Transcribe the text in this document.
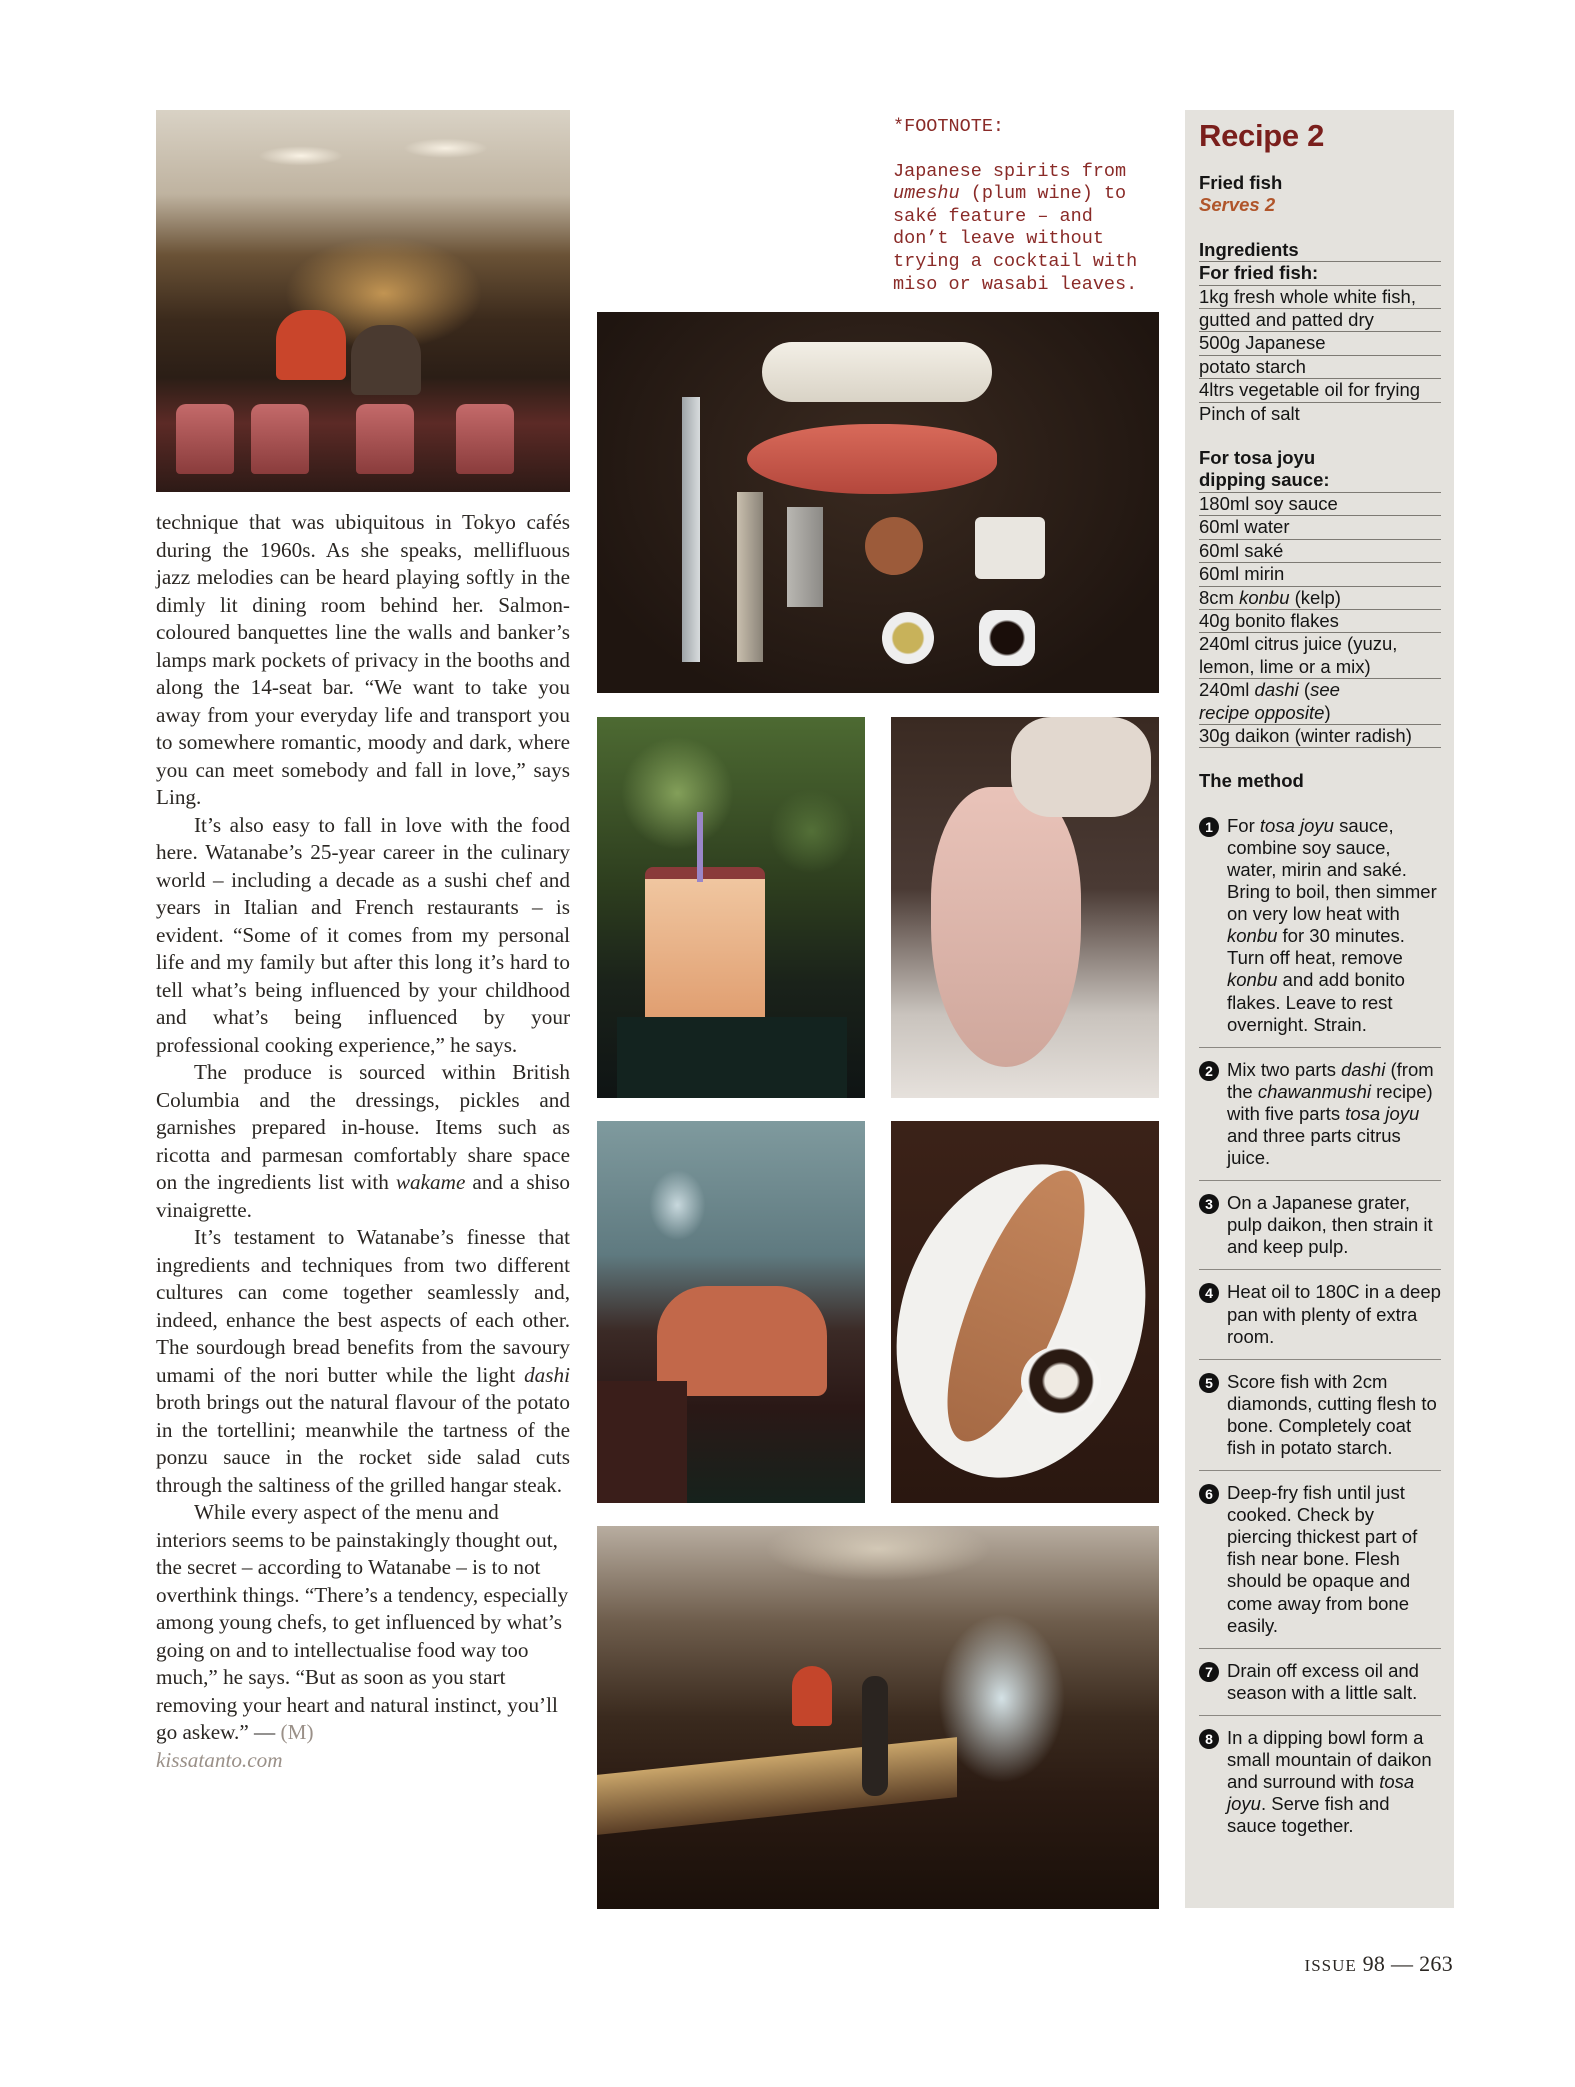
*FOOTNOTE:

Japanese spirits from
umeshu (plum wine) to
saké feature – and
don’t leave without
trying a cocktail with
miso or wasabi leaves.

technique that was ubiquitous in Tokyo cafés during the 1960s. As she speaks, mellifluous jazz melodies can be heard playing softly in the dimly lit dining room behind her. Salmon-coloured banquettes line the walls and banker’s lamps mark pockets of privacy in the booths and along the 14-seat bar. “We want to take you away from your everyday life and transport you to somewhere romantic, moody and dark, where you can meet somebody and fall in love,” says Ling.

It’s also easy to fall in love with the food here. Watanabe’s 25-year career in the culinary world – including a decade as a sushi chef and years in Italian and French restaurants – is evident. “Some of it comes from my personal life and my family but after this long it’s hard to tell what’s being influenced by your childhood and what’s being influenced by your professional cooking experience,” he says.

The produce is sourced within British Columbia and the dressings, pickles and garnishes prepared in-house. Items such as ricotta and parmesan comfortably share space on the ingredients list with wakame and a shiso vinaigrette.

It’s testament to Watanabe’s finesse that ingredients and techniques from two different cultures can come together seamlessly and, indeed, enhance the best aspects of each other. The sourdough bread benefits from the savoury umami of the nori butter while the light dashi broth brings out the natural flavour of the potato in the tortellini; meanwhile the tartness of the ponzu sauce in the rocket side salad cuts through the saltiness of the grilled hangar steak.

While every aspect of the menu and interiors seems to be painstakingly thought out, the secret – according to Watanabe – is to not overthink things. “There’s a tendency, especially among young chefs, to get influenced by what’s going on and to intellectualise food way too much,” he says. “But as soon as you start removing your heart and natural instinct, you’ll go askew.” — (M)

kissatanto.com
Recipe 2
Fried fish
Serves 2
Ingredients
For fried fish:
1kg fresh whole white fish,
gutted and patted dry
500g Japanese
potato starch
4ltrs vegetable oil for frying
Pinch of salt
For tosa joyu
dipping sauce:
180ml soy sauce
60ml water
60ml saké
60ml mirin
8cm konbu (kelp)
40g bonito flakes
240ml citrus juice (yuzu,
lemon, lime or a mix)
240ml dashi (see
recipe opposite)
30g daikon (winter radish)
The method
1 For tosa joyu sauce, combine soy sauce, water, mirin and saké. Bring to boil, then simmer on very low heat with konbu for 30 minutes. Turn off heat, remove konbu and add bonito flakes. Leave to rest overnight. Strain.
2 Mix two parts dashi (from the chawanmushi recipe) with five parts tosa joyu and three parts citrus juice.
3 On a Japanese grater, pulp daikon, then strain it and keep pulp.
4 Heat oil to 180C in a deep pan with plenty of extra room.
5 Score fish with 2cm diamonds, cutting flesh to bone. Completely coat fish in potato starch.
6 Deep-fry fish until just cooked. Check by piercing thickest part of fish near bone. Flesh should be opaque and come away from bone easily.
7 Drain off excess oil and season with a little salt.
8 In a dipping bowl form a small mountain of daikon and surround with tosa joyu. Serve fish and sauce together.
ISSUE 98 — 263
